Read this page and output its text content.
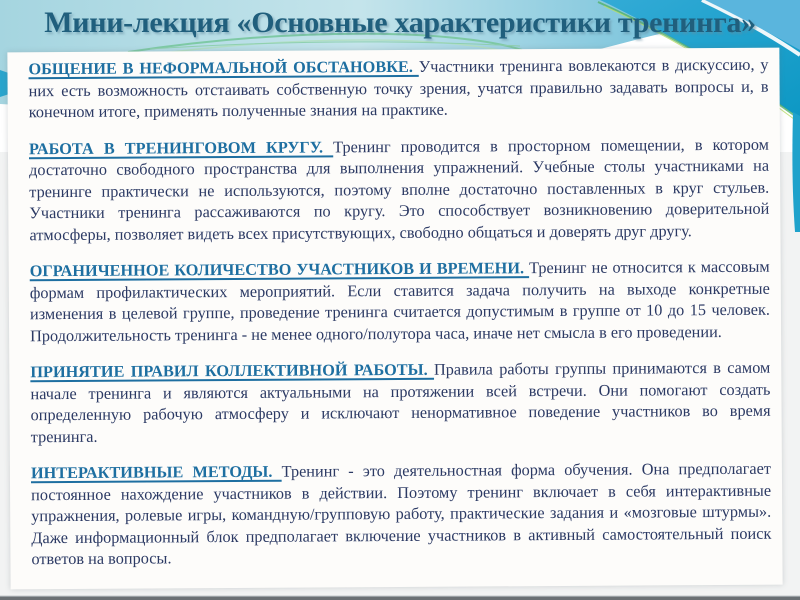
Мини-лекция «Основные характеристики тренинга»

ОБЩЕНИЕ В НЕФОРМАЛЬНОЙ ОБСТАНОВКЕ. Участники тренинга вовлекаются в дискуссию, у них есть возможность отстаивать собственную точку зрения, учатся правильно задавать вопросы и, в конечном итоге, применять полученные знания на практике.

РАБОТА В ТРЕНИНГОВОМ КРУГУ. Тренинг проводится в просторном помещении, в котором достаточно свободного пространства для выполнения упражнений. Учебные столы участниками на тренинге практически не используются, поэтому вполне достаточно поставленных в круг стульев. Участники тренинга рассаживаются по кругу. Это способствует возникновению доверительной атмосферы, позволяет видеть всех присутствующих, свободно общаться и доверять друг другу.

ОГРАНИЧЕННОЕ КОЛИЧЕСТВО УЧАСТНИКОВ И ВРЕМЕНИ. Тренинг не относится к массовым формам профилактических мероприятий. Если ставится задача получить на выходе конкретные изменения в целевой группе, проведение тренинга считается допустимым в группе от 10 до 15 человек. Продолжительность тренинга - не менее одного/полутора часа, иначе нет смысла в его проведении.

ПРИНЯТИЕ ПРАВИЛ КОЛЛЕКТИВНОЙ РАБОТЫ. Правила работы группы принимаются в самом начале тренинга и являются актуальными на протяжении всей встречи. Они помогают создать определенную рабочую атмосферу и исключают ненормативное поведение участников во время тренинга.

ИНТЕРАКТИВНЫЕ МЕТОДЫ. Тренинг - это деятельностная форма обучения. Она предполагает постоянное нахождение участников в действии. Поэтому тренинг включает в себя интерактивные упражнения, ролевые игры, командную/групповую работу, практические задания и «мозговые штурмы». Даже информационный блок предполагает включение участников в активный самостоятельный поиск ответов на вопросы.
